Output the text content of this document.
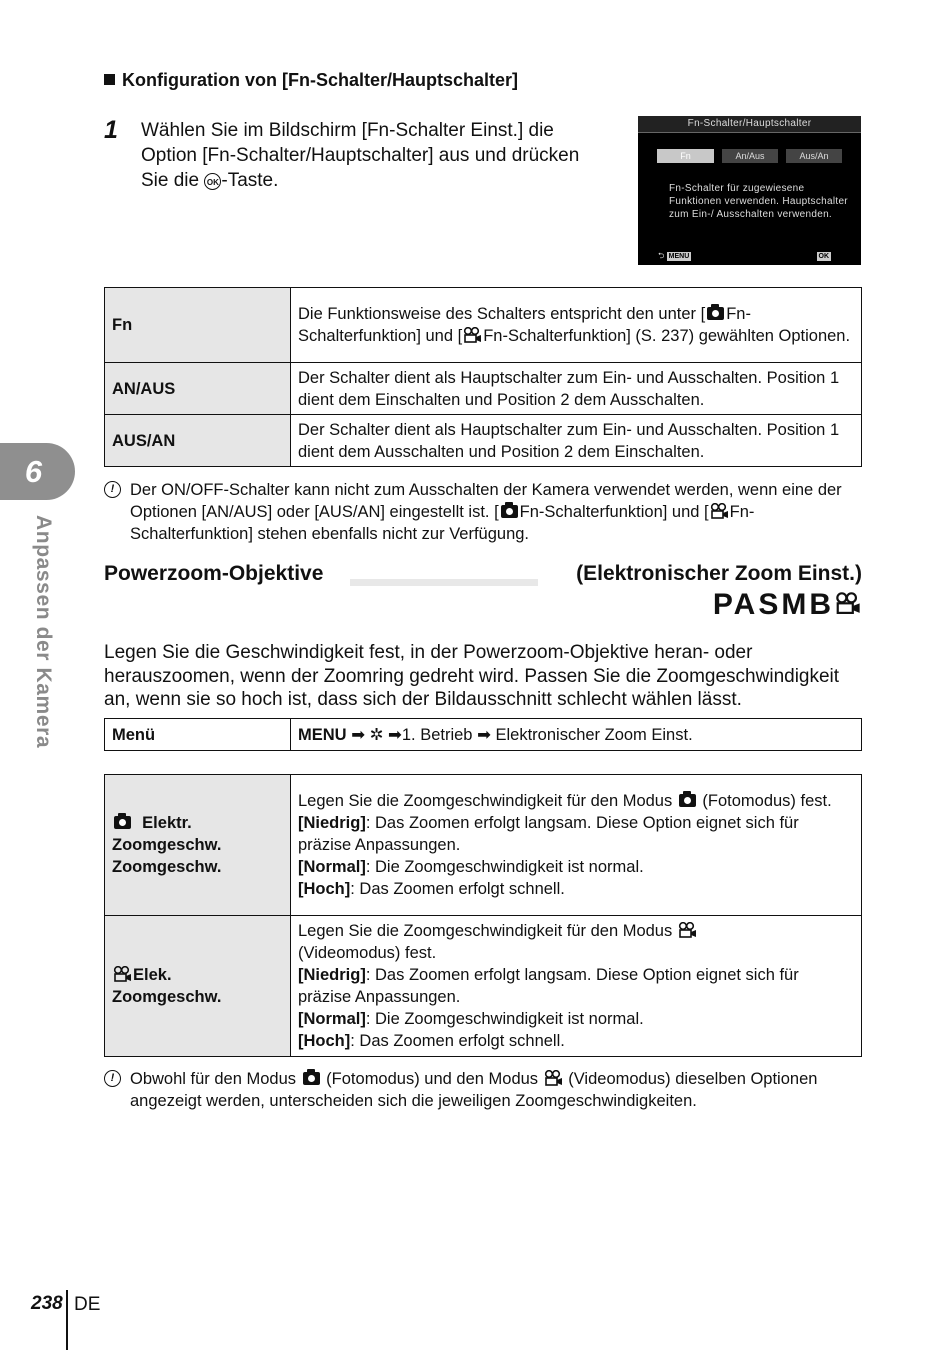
Konfiguration von [Fn-Schalter/Hauptschalter]
1 Wählen Sie im Bildschirm [Fn-Schalter Einst.] die Option [Fn-Schalter/Hauptschalter] aus und drücken Sie die OK -Taste.
Fn-Schalter/Hauptschalter
Fn	An/Aus	Aus/An
Fn-Schalter für zugewiesene Funktionen verwenden. Hauptschalter zum Ein-/ Ausschalten verwenden.
⮌ MENU	OK
Fn	Die Funktionsweise des Schalters entspricht den unter [ Fn-Schalterfunktion] und [ Fn-Schalterfunktion] (S. 237) gewählten Optionen.
AN/AUS	Der Schalter dient als Hauptschalter zum Ein- und Ausschalten. Position 1 dient dem Einschalten und Position 2 dem Ausschalten.
AUS/AN	Der Schalter dient als Hauptschalter zum Ein- und Ausschalten. Position 1 dient dem Ausschalten und Position 2 dem Einschalten.
! Der ON/OFF-Schalter kann nicht zum Ausschalten der Kamera verwendet werden, wenn eine der Optionen [AN/AUS] oder [AUS/AN] eingestellt ist. [ Fn-Schalterfunktion] und [ Fn-Schalterfunktion] stehen ebenfalls nicht zur Verfügung.
Powerzoom-Objektive	(Elektronischer Zoom Einst.)
PASMB
Legen Sie die Geschwindigkeit fest, in der Powerzoom-Objektive heran- oder herauszoomen, wenn der Zoomring gedreht wird. Passen Sie die Zoomgeschwindigkeit an, wenn sie so hoch ist, dass sich der Bildausschnitt schlecht wählen lässt.
Menü	MENU ➡ ✲ ➡1. Betrieb ➡ Elektronischer Zoom Einst.
Elektr.
Zoomgeschw. Zoomgeschw.	Legen Sie die Zoomgeschwindigkeit für den Modus  (Fotomodus) fest.
[Niedrig]: Das Zoomen erfolgt langsam. Diese Option eignet sich für präzise Anpassungen.
[Normal]: Die Zoomgeschwindigkeit ist normal.
[Hoch]: Das Zoomen erfolgt schnell.
Elek.
Zoomgeschw.	Legen Sie die Zoomgeschwindigkeit für den Modus
(Videomodus) fest.
[Niedrig]: Das Zoomen erfolgt langsam. Diese Option eignet sich für präzise Anpassungen.
[Normal]: Die Zoomgeschwindigkeit ist normal.
[Hoch]: Das Zoomen erfolgt schnell.
! Obwohl für den Modus  (Fotomodus) und den Modus  (Videomodus) dieselben Optionen angezeigt werden, unterscheiden sich die jeweiligen Zoomgeschwindigkeiten.
6
Anpassen der Kamera
238 DE
